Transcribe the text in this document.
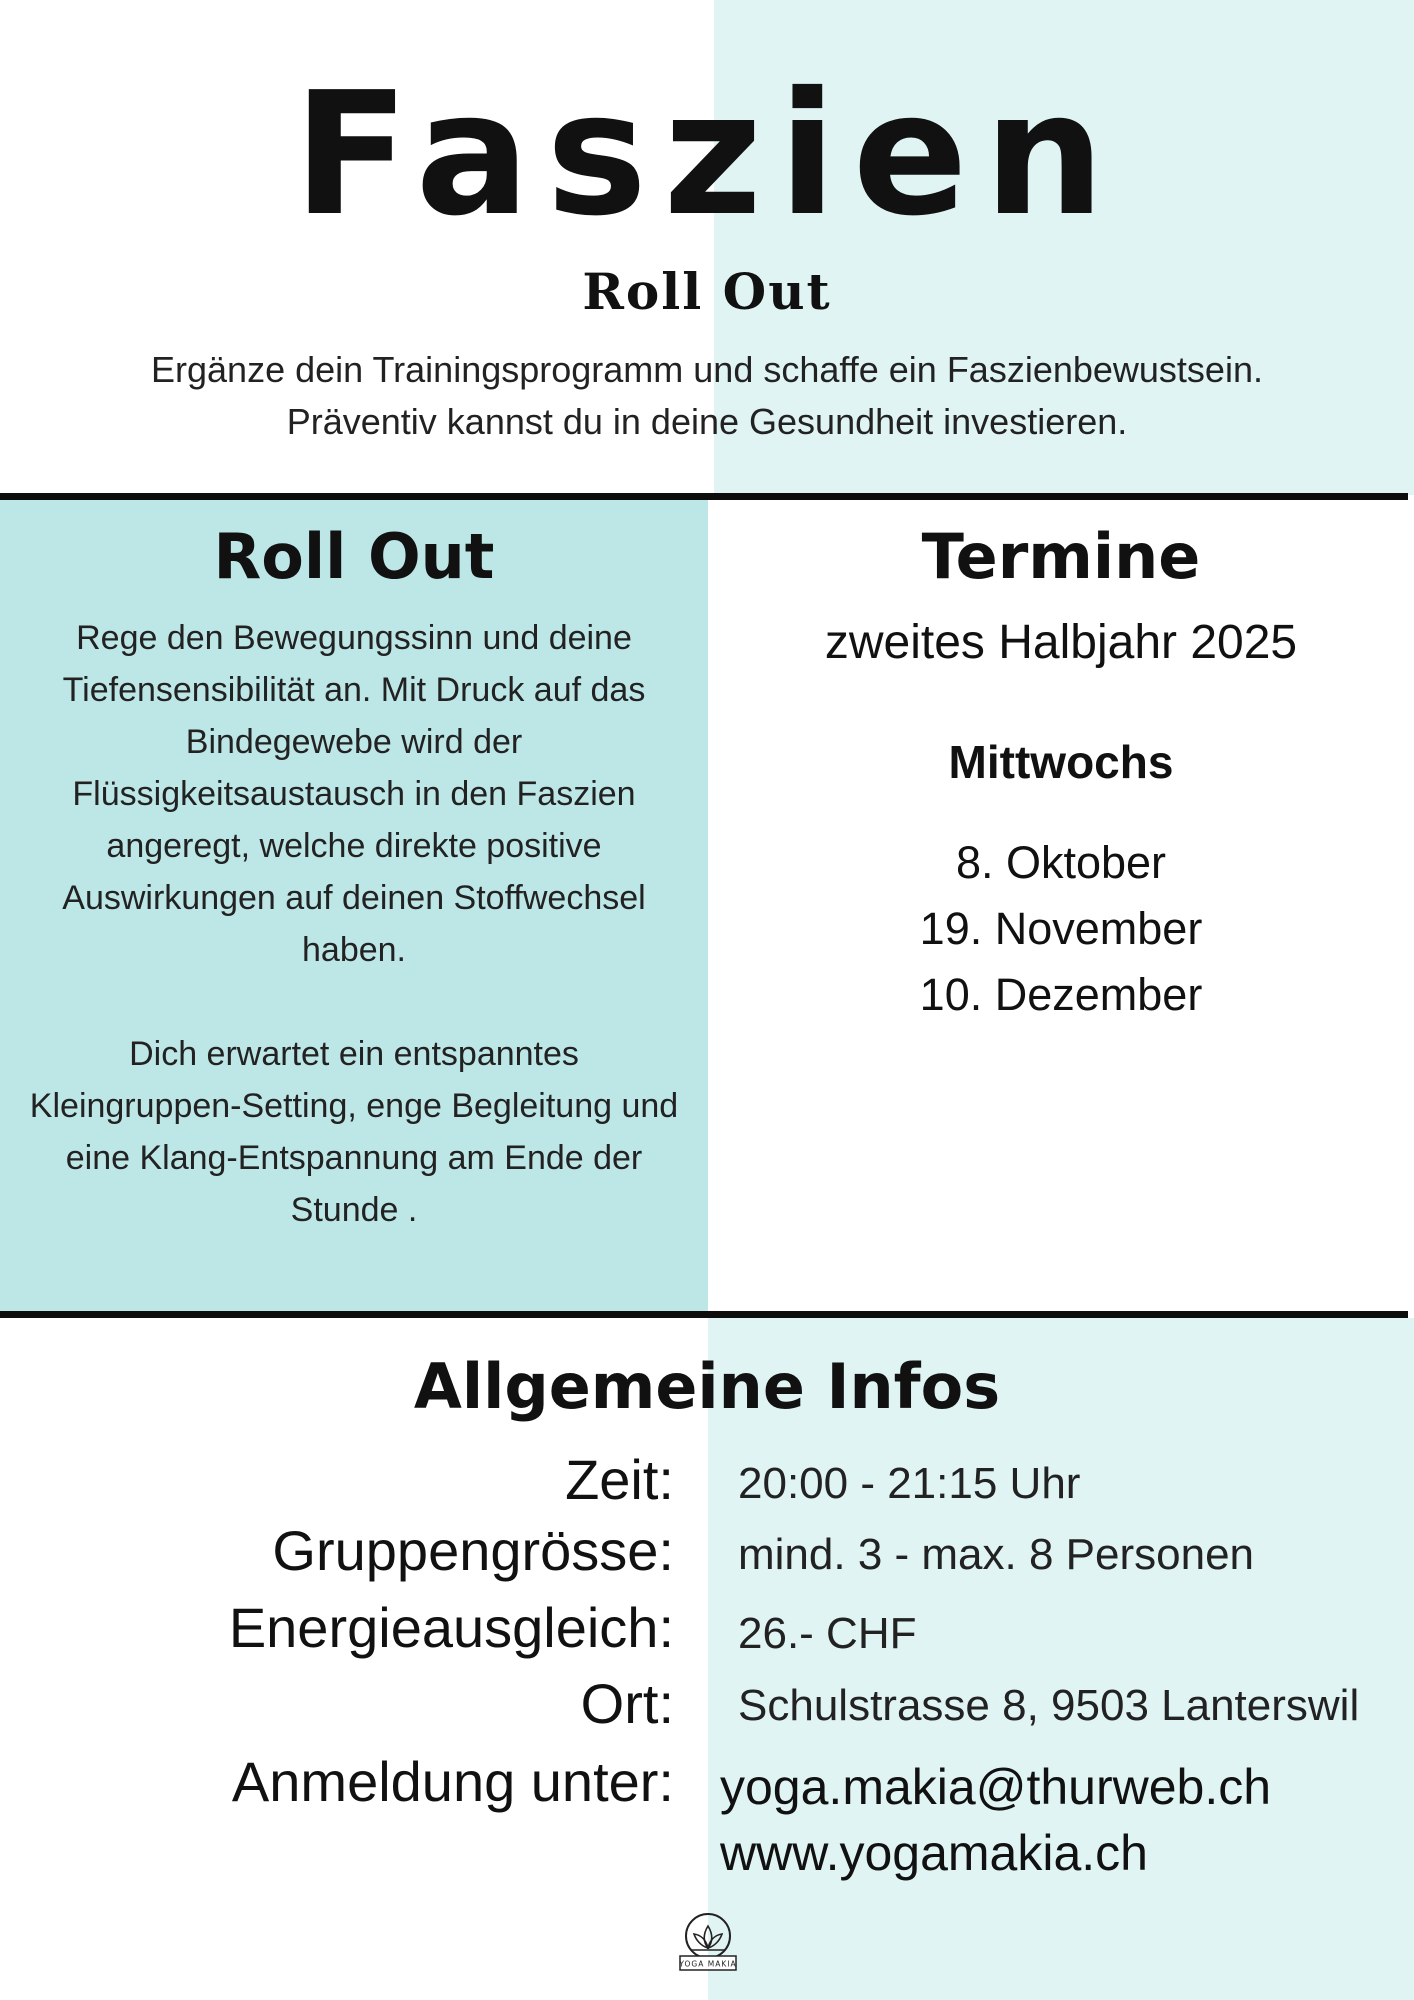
Faszien
Roll Out
Ergänze dein Trainingsprogramm und schaffe ein Faszienbewustsein.
Präventiv kannst du in deine Gesundheit investieren.
Roll Out

Rege den Bewegungssinn und deine Tiefensensibilität an. Mit Druck auf das Bindegewebe wird der Flüssigkeitsaustausch in den Faszien angeregt, welche direkte positive Auswirkungen auf deinen Stoffwechsel haben.

Dich erwartet ein entspanntes Kleingruppen-Setting, enge Begleitung und eine Klang-Entspannung am Ende der Stunde .

Termine
zweites Halbjahr 2025
Mittwochs
8. Oktober
19. November
10. Dezember
Allgemeine Infos
Zeit: 20:00 - 21:15 Uhr
Gruppengrösse: mind. 3 - max. 8 Personen
Energieausgleich: 26.- CHF
Ort: Schulstrasse 8, 9503 Lanterswil
Anmeldung unter: yoga.makia@thurweb.ch
www.yogamakia.ch
YOGA MAKIA
